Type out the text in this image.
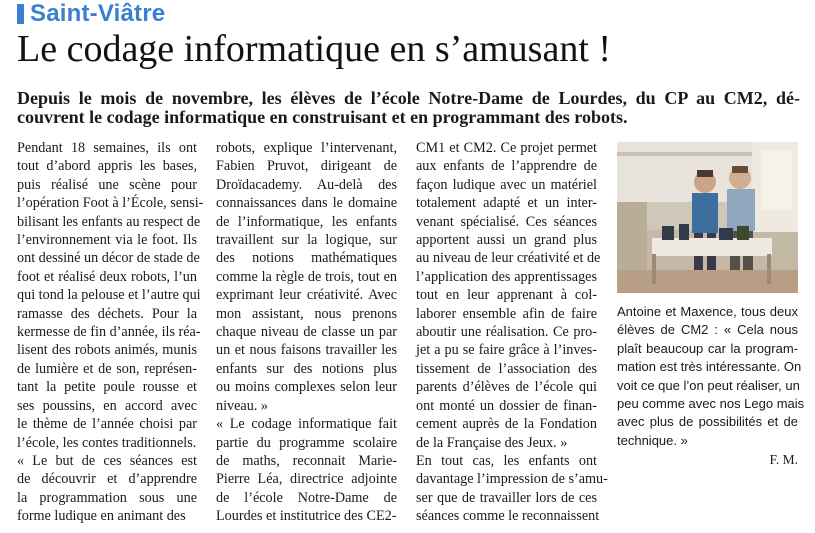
Saint-Viâtre
Le codage informatique en s’amusant !
Depuis le mois de novembre, les élèves de l’école Notre-Dame de Lourdes, du CP au CM2, dé-
couvrent le codage informatique en construisant et en programmant des robots.
Pendant 18 semaines, ils ont
tout d’abord appris les bases,
puis réalisé une scène pour
l’opération Foot à l’École, sensi-
bilisant les enfants au respect de
l’environnement via le foot. Ils
ont dessiné un décor de stade de
foot et réalisé deux robots, l’un
qui tond la pelouse et l’autre qui
ramasse des déchets. Pour la
kermesse de fin d’année, ils réa-
lisent des robots animés, munis
de lumière et de son, représen-
tant la petite poule rousse et
ses poussins, en accord avec
le thème de l’année choisi par
l’école, les contes traditionnels.
« Le but de ces séances est
de découvrir et d’apprendre
la programmation sous une
forme ludique en animant des
robots, explique l’intervenant,
Fabien Pruvot, dirigeant de
Droïdacademy. Au-delà des
connaissances dans le domaine
de l’informatique, les enfants
travaillent sur la logique, sur
des notions mathématiques
comme la règle de trois, tout en
exprimant leur créativité. Avec
mon assistant, nous prenons
chaque niveau de classe un par
un et nous faisons travailler les
enfants sur des notions plus
ou moins complexes selon leur
niveau. »
« Le codage informatique fait
partie du programme scolaire
de maths, reconnait Marie-
Pierre Léa, directrice adjointe
de l’école Notre-Dame de
Lourdes et institutrice des CE2-
CM1 et CM2. Ce projet permet
aux enfants de l’apprendre de
façon ludique avec un matériel
totalement adapté et un inter-
venant spécialisé. Ces séances
apportent aussi un grand plus
au niveau de leur créativité et de
l’application des apprentissages
tout en leur apprenant à col-
laborer ensemble afin de faire
aboutir une réalisation. Ce pro-
jet a pu se faire grâce à l’inves-
tissement de l’association des
parents d’élèves de l’école qui
ont monté un dossier de finan-
cement auprès de la Fondation
de la Française des Jeux. »
En tout cas, les enfants ont
davantage l’impression de s’amu-
ser que de travailler lors de ces
séances comme le reconnaissent
Antoine et Maxence, tous deux
élèves de CM2 : « Cela nous
plaît beaucoup car la program-
mation est très intéressante. On
voit ce que l’on peut réaliser, un
peu comme avec nos Lego mais
avec plus de possibilités et de
technique. »
F. M.
